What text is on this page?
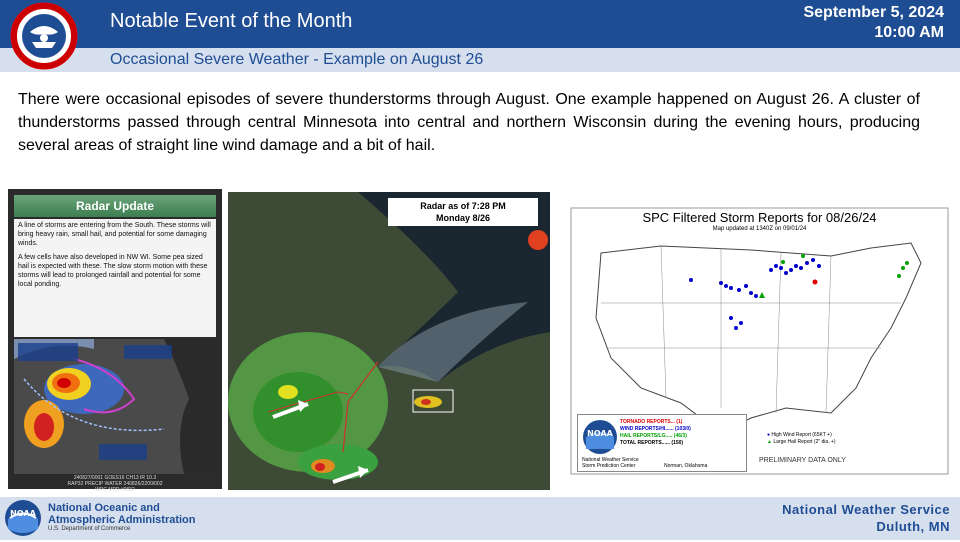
Notable Event of the Month
Occasional Severe Weather - Example on August 26
September 5, 2024
10:00 AM
There were occasional episodes of severe thunderstorms through August. One example happened on August 26. A cluster of thunderstorms passed through central Minnesota into central and northern Wisconsin during the evening hours, producing several areas of straight line wind damage and a bit of hail.
Radar Update

A line of storms are entering from the South. These storms will bring heavy rain, small hail, and potential for some damaging winds.

A few cells have also developed in NW WI. Some pea sized hail is expected with these. The slow storm motion with these storms will lead to prolonged rainfall and potential for some local ponding.

240827/0001 GOES16 CH13 IR 10.3
RAP32 PRECIP WATER 240826/2200/002
WPC MPD #0832
Radar as of 7:28 PM
Monday 8/26	SPC Filtered Storm Reports for 08/26/24
Map updated at 1340Z on 09/01/24
NOAA
TORNADO REPORTS... (1)
WIND REPORTS/HI...... (103/0)
HAIL REPORTS/LG..... (46/3)
TOTAL REPORTS...... (150)
National Weather Service
Storm Prediction Center	Norman, Oklahoma
● High Wind Report (65KT +)
▲ Large Hail Report (2" dia. +)
PRELIMINARY DATA ONLY
NOAA National Oceanic and
Atmospheric Administration
U.S. Department of Commerce
National Weather Service
Duluth, MN
